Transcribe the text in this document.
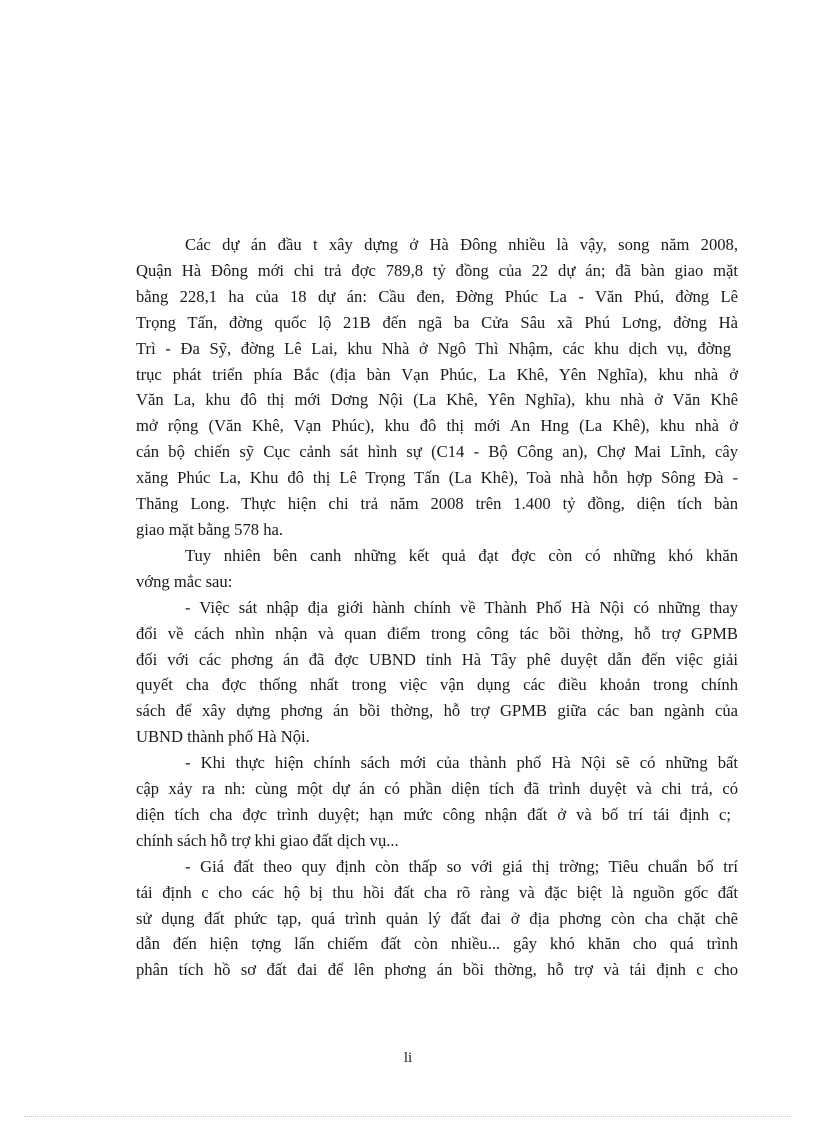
Các dự án đầu t xây dựng ở Hà Đông nhiều là vậy, song năm 2008,
Quận Hà Đông mới chi trả đợc 789,8 tỷ đồng của 22 dự án; đã bàn giao mặt
bằng 228,1 ha của 18 dự án: Cầu đen, Đờng Phúc La - Văn Phú, đờng Lê
Trọng Tấn, đờng quốc lộ 21B đến ngã ba Cửa Sâu xã Phú Lơng, đờng Hà
Trì - Đa Sỹ, đờng Lê Lai, khu Nhà ở Ngô Thì Nhậm, các khu dịch vụ, đờng
trục phát triển phía Bắc (địa bàn Vạn Phúc, La Khê, Yên Nghĩa), khu nhà ở
Văn La, khu đô thị mới Dơng Nội (La Khê, Yên Nghĩa), khu nhà ở Văn Khê
mở rộng (Văn Khê, Vạn Phúc), khu đô thị mới An Hng (La Khê), khu nhà ở
cán bộ chiến sỹ Cục cảnh sát hình sự (C14 - Bộ Công an), Chợ Mai Lĩnh, cây
xăng Phúc La, Khu đô thị Lê Trọng Tấn (La Khê), Toà nhà hỗn hợp Sông Đà -
Thăng Long. Thực hiện chi trả năm 2008 trên 1.400 tỷ đồng, diện tích bàn
giao mặt bằng 578 ha.

Tuy nhiên bên canh những kết quả đạt đợc còn có những khó khăn
vớng mắc sau:

- Việc sát nhập địa giới hành chính về Thành Phố Hà Nội có những thay
đổi về cách nhìn nhận và quan điểm trong công tác bồi thờng, hỗ trợ GPMB
đối với các phơng án đã đợc UBND tỉnh Hà Tây phê duyệt dẫn đến việc giải
quyết cha đợc thống nhất trong việc vận dụng các điều khoản trong chính
sách để xây dựng phơng án bồi thờng, hỗ trợ GPMB giữa các ban ngành của
UBND thành phố Hà Nội.

- Khi thực hiện chính sách mới của thành phố Hà Nội sẽ có những bất
cập xảy ra nh: cùng một dự án có phần diện tích đã trình duyệt và chi trả, có
diện tích cha đợc trình duyệt; hạn mức công nhận đất ở và bố trí tái định c;
chính sách hỗ trợ khi giao đất dịch vụ...

- Giá đất theo quy định còn thấp so với giá thị trờng; Tiêu chuẩn bố trí
tái định c cho các hộ bị thu hồi đất cha rõ ràng và đặc biệt là nguồn gốc đất
sử dụng đất phức tạp, quá trình quản lý đất đai ở địa phơng còn cha chặt chẽ
dẫn đến hiện tợng lấn chiếm đất còn nhiều... gây khó khăn cho quá trình
phân tích hồ sơ đất đai để lên phơng án bồi thờng, hỗ trợ và tái định c cho

li
